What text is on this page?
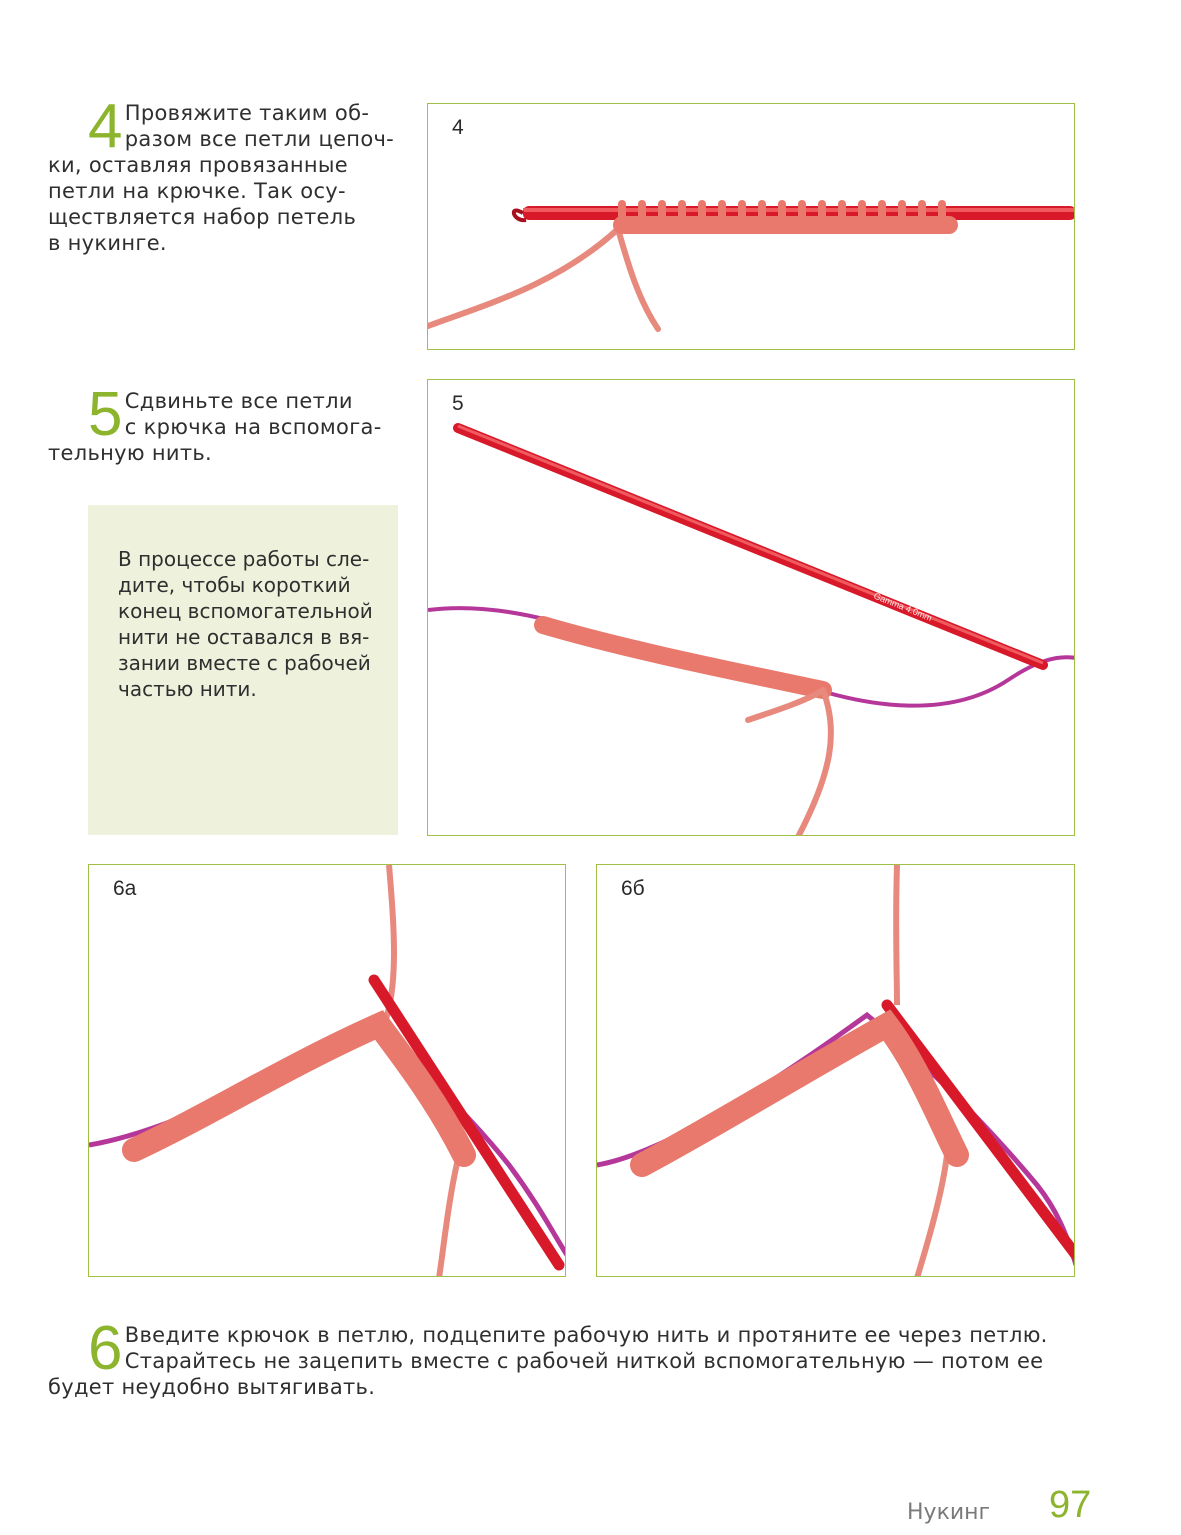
4 Провяжите таким об-
разом все петли цепоч-
ки, оставляя провязанные
петли на крючке. Так осу-
ществляется набор петель
в нукинге.
4
5 Сдвиньте все петли
с крючка на вспомога-
тельную нить.
В процессе работы сле-
дите, чтобы короткий
конец вспомогательной
нити не оставался в вя-
зании вместе с рабочей
частью нити.
Gamma 4.0mm
5
6а	6б
6 Введите крючок в петлю, подцепите рабочую нить и протяните ее через петлю.
Старайтесь не зацепить вместе с рабочей ниткой вспомогательную — потом ее
будет неудобно вытягивать.
Нукинг 97
